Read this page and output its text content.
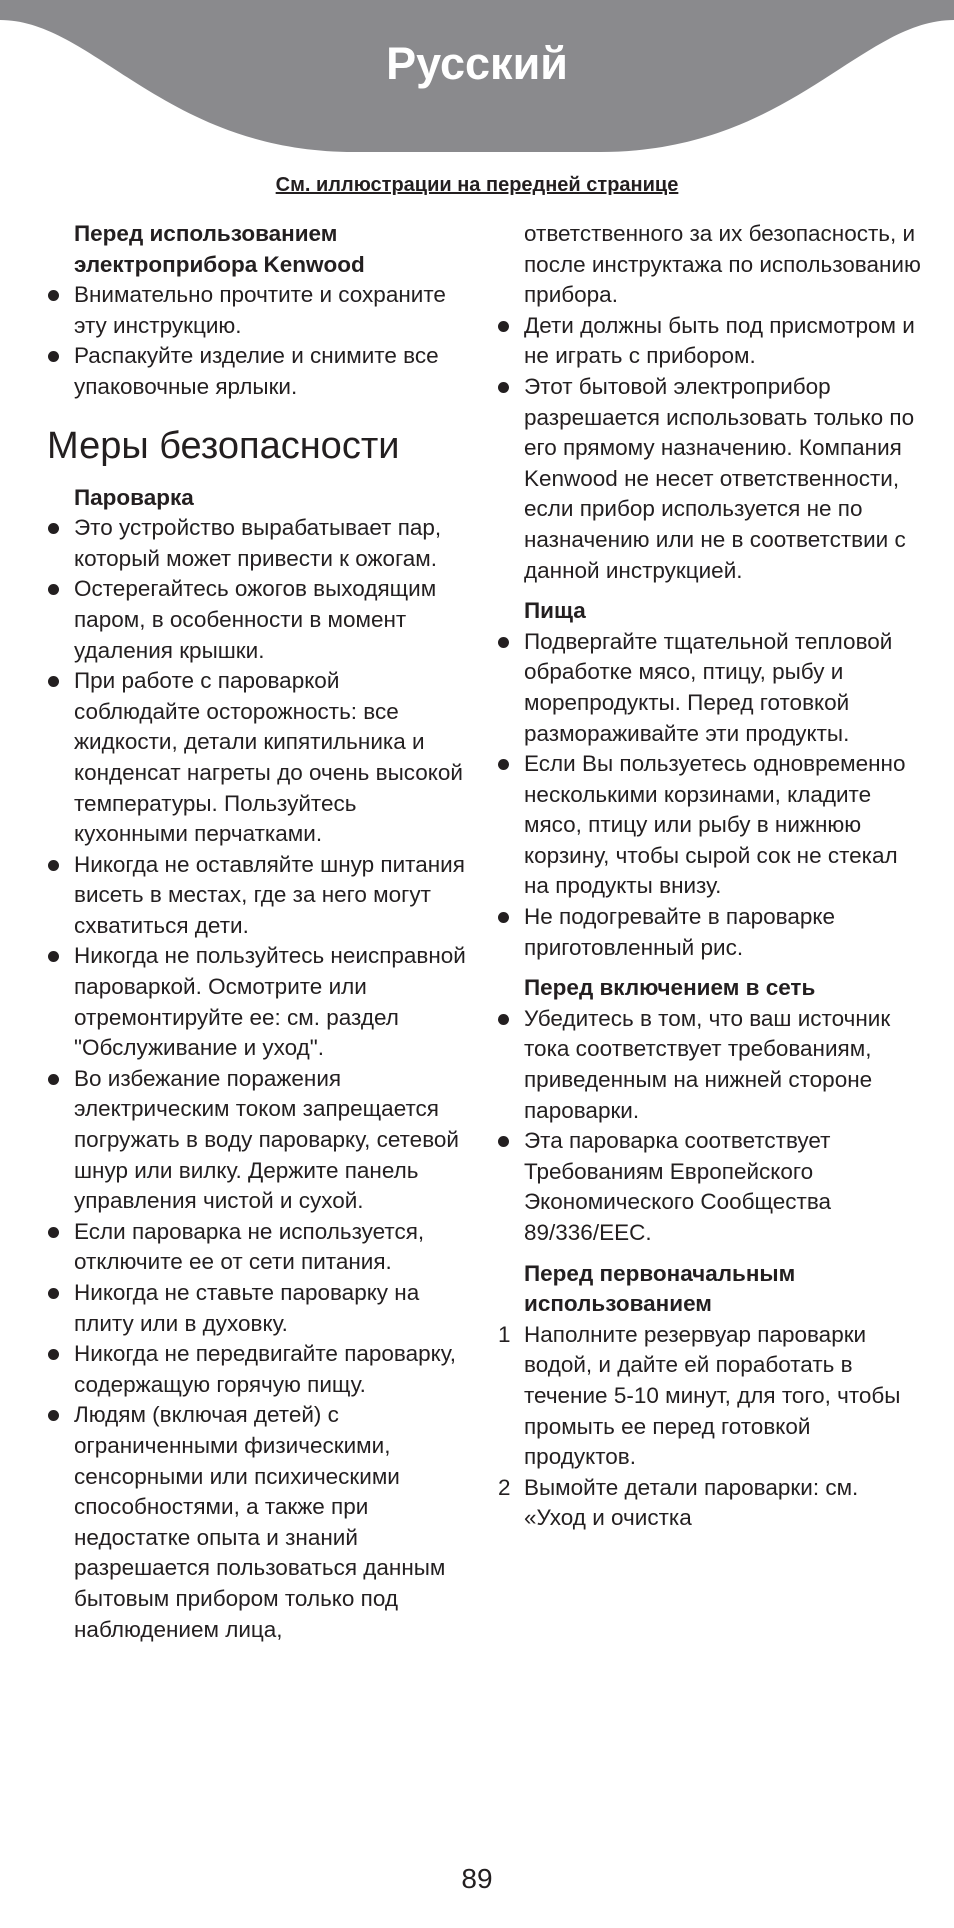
Русский
См. иллюстрации на передней странице
Перед использованием электроприбора Kenwood
Внимательно прочтите и сохраните эту инструкцию.
Распакуйте изделие и снимите все упаковочные ярлыки.
Меры безопасности
Пароварка
Это устройство вырабатывает пар, который может привести к ожогам.
Остерегайтесь ожогов выходящим паром, в особенности в момент удаления крышки.
При работе с пароваркой соблюдайте осторожность: все жидкости, детали кипятильника и конденсат нагреты до очень высокой температуры. Пользуйтесь кухонными перчатками.
Никогда не оставляйте шнур питания висеть в местах, где за него могут схватиться дети.
Никогда не пользуйтесь неисправной пароваркой. Осмотрите или отремонтируйте ее: см. раздел "Обслуживание и уход".
Во избежание поражения электрическим током запрещается погружать в воду пароварку, сетевой шнур или вилку. Держите панель управления чистой и сухой.
Если пароварка не используется, отключите ее от сети питания.
Никогда не ставьте пароварку на плиту или в духовку.
Никогда не передвигайте пароварку, содержащую горячую пищу.
Людям (включая детей) с ограниченными физическими, сенсорными или психическими способностями, а также при недостатке опыта и знаний разрешается пользоваться данным бытовым прибором только под наблюдением лица,
ответственного за их безопасность, и после инструктажа по использованию прибора.
Дети должны быть под присмотром и не играть с прибором.
Этот бытовой электроприбор разрешается использовать только по его прямому назначению. Компания Kenwood не несет ответственности, если прибор используется не по назначению или не в соответствии с данной инструкцией.
Пища
Подвергайте тщательной тепловой обработке мясо, птицу, рыбу и морепродукты. Перед готовкой размораживайте эти продукты.
Если Вы пользуетесь одновременно несколькими корзинами, кладите мясо, птицу или рыбу в нижнюю корзину, чтобы сырой сок не стекал на продукты внизу.
Не подогревайте в пароварке приготовленный рис.
Перед включением в сеть
Убедитесь в том, что ваш источник тока соответствует требованиям, приведенным на нижней стороне пароварки.
Эта пароварка соответствует Требованиям Европейского Экономического Сообщества 89/336/EEC.
Перед первоначальным использованием
1 Наполните резервуар пароварки водой, и дайте ей поработать в течение 5-10 минут, для того, чтобы промыть ее перед готовкой продуктов.
2 Вымойте детали пароварки: см. «Уход и очистка
89
